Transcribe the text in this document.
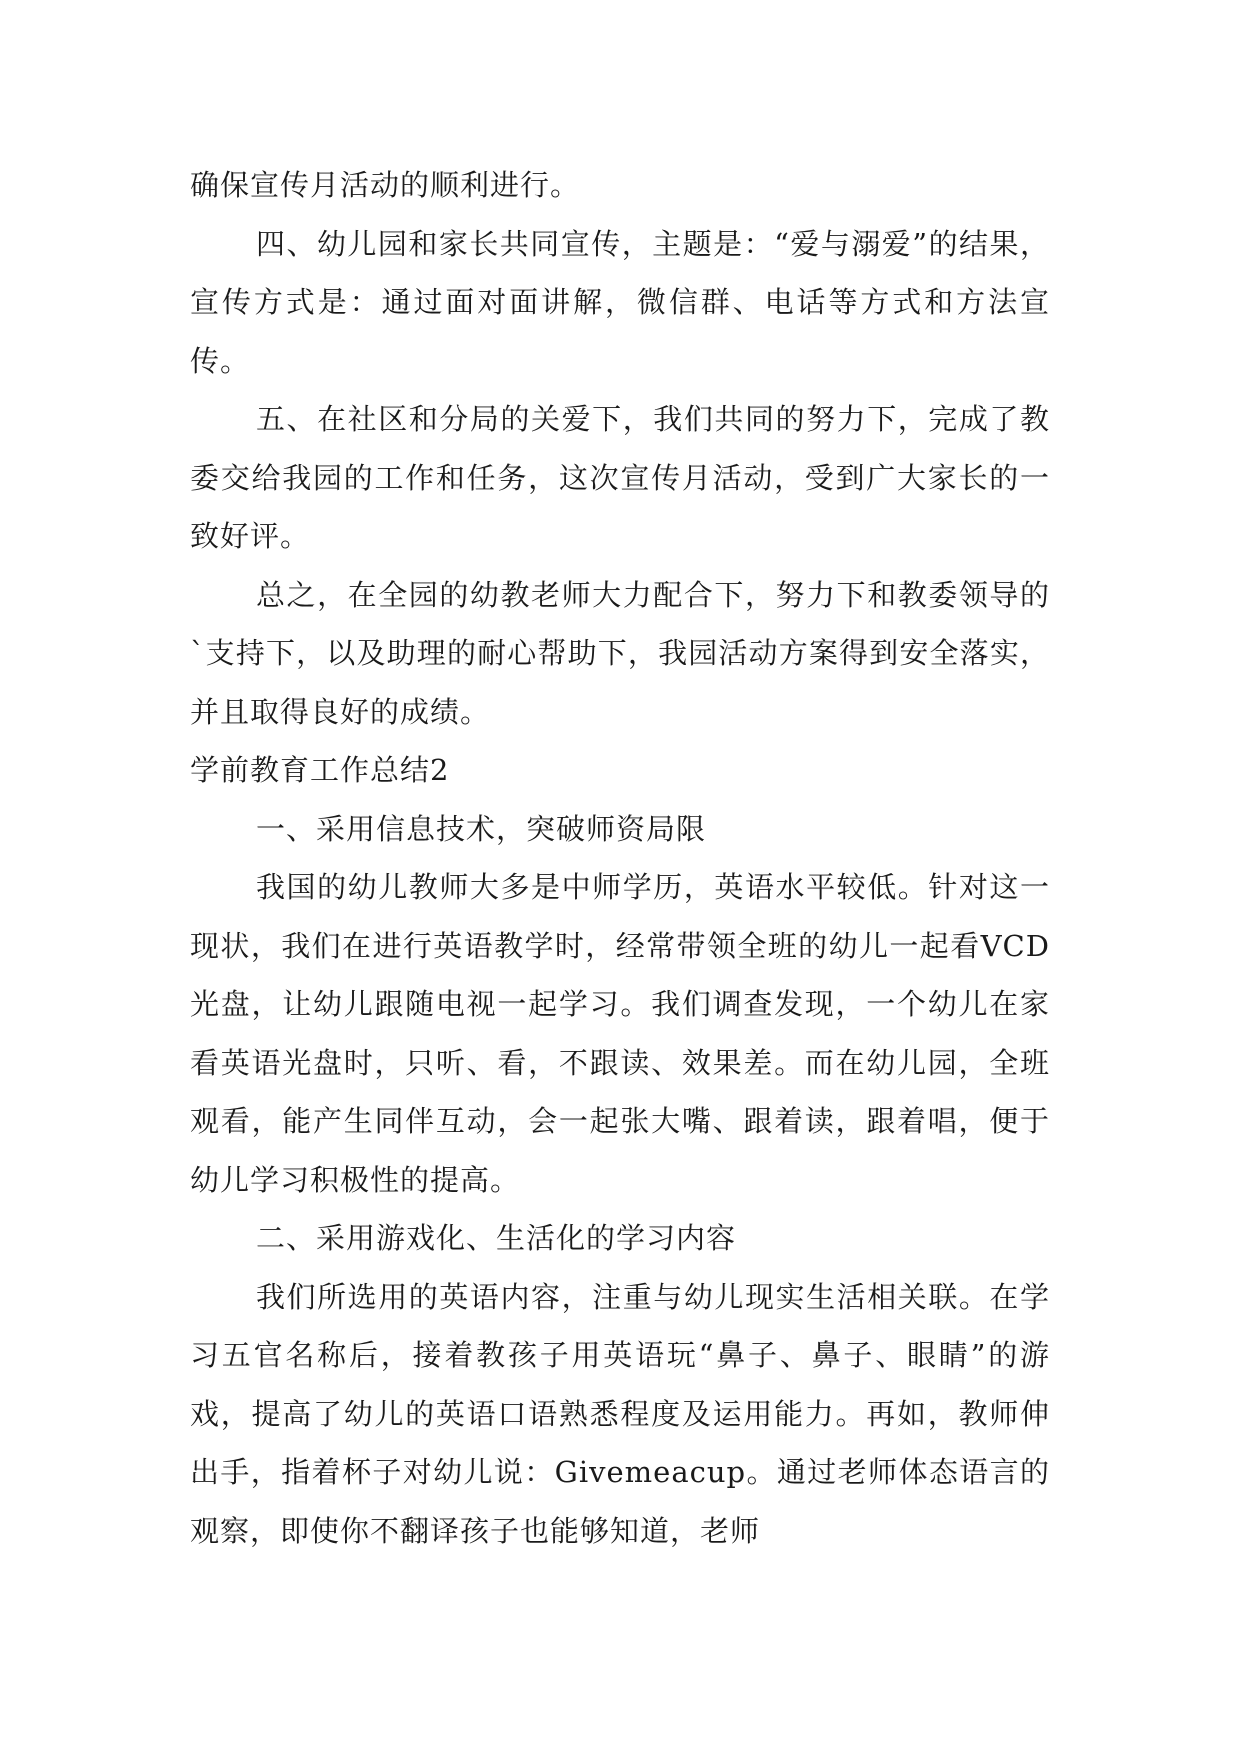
确保宣传月活动的顺利进行。

四、幼儿园和家长共同宣传，主题是：“爱与溺爱”的结果，宣传方式是：通过面对面讲解，微信群、电话等方式和方法宣传。

五、在社区和分局的关爱下，我们共同的努力下，完成了教委交给我园的工作和任务，这次宣传月活动，受到广大家长的一致好评。

总之，在全园的幼教老师大力配合下，努力下和教委领导的`支持下，以及助理的耐心帮助下，我园活动方案得到安全落实，并且取得良好的成绩。

学前教育工作总结2

一、采用信息技术，突破师资局限

我国的幼儿教师大多是中师学历，英语水平较低。针对这一现状，我们在进行英语教学时，经常带领全班的幼儿一起看VCD光盘，让幼儿跟随电视一起学习。我们调查发现，一个幼儿在家看英语光盘时，只听、看，不跟读、效果差。而在幼儿园，全班观看，能产生同伴互动，会一起张大嘴、跟着读，跟着唱，便于幼儿学习积极性的提高。

二、采用游戏化、生活化的学习内容

我们所选用的英语内容，注重与幼儿现实生活相关联。在学习五官名称后，接着教孩子用英语玩“鼻子、鼻子、眼睛”的游戏，提高了幼儿的英语口语熟悉程度及运用能力。再如，教师伸出手，指着杯子对幼儿说：Givemeacup。通过老师体态语言的观察，即使你不翻译孩子也能够知道，老师
